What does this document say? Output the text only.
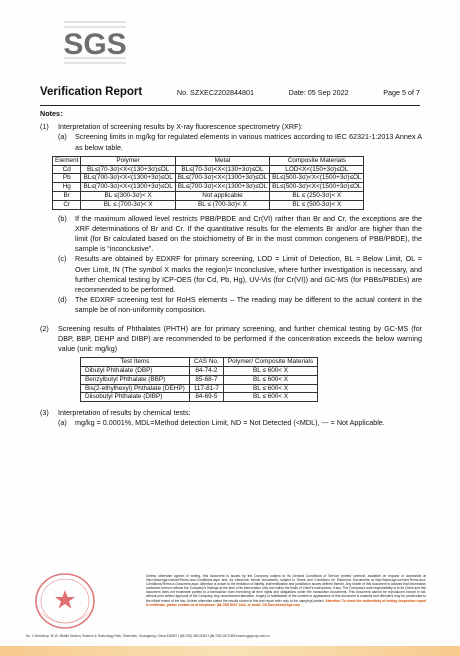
SGS
Verification Report	No. SZXEC2202844801	Date: 05 Sep 2022	Page 5 of 7
Notes：
(1)	Interpretation of screening results by X-ray fluorescence spectrometry (XRF):
(a)	Screening limits in mg/kg for regulated elements in various matrices according to IEC 62321-1:2013 Annex A as below table.
Element	Polymer	Metal	Composite Materials
Cd	BL≤(70-3σ)<X<(130+3σ)≤OL	BL≤(70-3σ)<X<(130+3σ)≤OL	LOD<X<(150+3σ)≤OL
Pb	BL≤(700-3σ)<X<(1300+3σ)≤OL	BL≤(700-3σ)<X<(1300+3σ)≤OL	BL≤(500-3σ)<X<(1500+3σ)≤OL
Hg	BL≤(700-3σ)<X<(1300+3σ)≤OL	BL≤(700-3σ)<X<(1300+3σ)≤OL	BL≤(500-3σ)<X<(1500+3σ)≤OL
Br	BL ≤(300-3σ)< X	Not applicable	BL ≤ (250-3σ)< X
Cr	BL ≤ (700-3σ)< X	BL ≤ (700-3σ)< X	BL ≤ (500-3σ)< X
(b)	If the maximum allowed level restricts PBB/PBDE and Cr(VI) rather than Br and Cr, the exceptions are the XRF determinations of Br and Cr. If the quantitative results for the elements Br and/or are higher than the limit (for Br calculated based on the stoichiometry of Br in the most common congeners of PBB/PBDE), the sample is “inconclusive”.
(c)	Results are obtained by EDXRF for primary screening, LOD = Limit of Detection, BL = Below Limit, OL = Over Limit, IN (The symbol X marks the region)= Inconclusive, where further investigation is necessary, and further chemical testing by ICP-OES (for Cd, Pb, Hg), UV-Vis (for Cr(VI)) and GC-MS (for PBBs/PBDEs) are recommended to be performed.
(d)	The EDXRF screening test for RoHS elements – The reading may be different to the actual content in the sample be of non-uniformity composition.
(2)	Screening results of Phthalates (PHTH) are for primary screening, and further chemical testing by GC-MS (for DBP, BBP, DEHP and DIBP) are recommended to be performed if the concentration exceeds the below warning value (unit: mg/kg)
Test Items	CAS No.	Polymer/ Composite Materials
Dibutyl Phthalate (DBP)	84-74-2	BL ≤ 600< X
Benzylbutyl Phthalate (BBP)	85-68-7	BL ≤ 600< X
Bis(2-ethylhexyl) Phthalate (DEHP)	117-81-7	BL ≤ 600< X
Diisobutyl Phthalate (DIBP)	84-69-5	BL ≤ 600< X
(3)	Interpretation of results by chemical tests:
(a)	mg/kg = 0.0001%, MDL=Method detection Limit, ND = Not Detected (<MDL), --- = Not Applicable.
Unless otherwise agreed in writing, this document is issued by the Company subject to its General Conditions of Service printed overleaf, available on request or accessible at http://www.sgs.com/en/Terms-and-Conditions.aspx and, for electronic format documents, subject to Terms and Conditions for Electronic Documents at http://www.sgs.com/en/Terms-and-Conditions/Terms-e-Document.aspx. Attention is drawn to the limitation of liability, indemnification and jurisdiction issues defined therein. Any holder of this document is advised that information contained hereon reflects the Company's findings at the time of its intervention only and within the limits of Client's instructions, if any. The Company's sole responsibility is to its Client and this document does not exonerate parties to a transaction from exercising all their rights and obligations under the transaction documents. This document cannot be reproduced except in full, without prior written approval of the Company. Any unauthorized alteration, forgery or falsification of the content or appearance of this document is unlawful and offenders may be prosecuted to the fullest extent of the law. Unless otherwise stated the results shown in this test report refer only to the sample(s) tested. Attention: To check the authenticity of testing /inspection report & certificate, please contact us at telephone: (86-755) 8307 1443, or email: CN.Doccheck@sgs.com
No. 1 Workshop, M-10, Middle Section, Science & Technology Park, Shenzhen, Guangdong, China 518057 t (86-755) 26012053 f (86-755) 26710594 www.sgsgroup.com.cn
